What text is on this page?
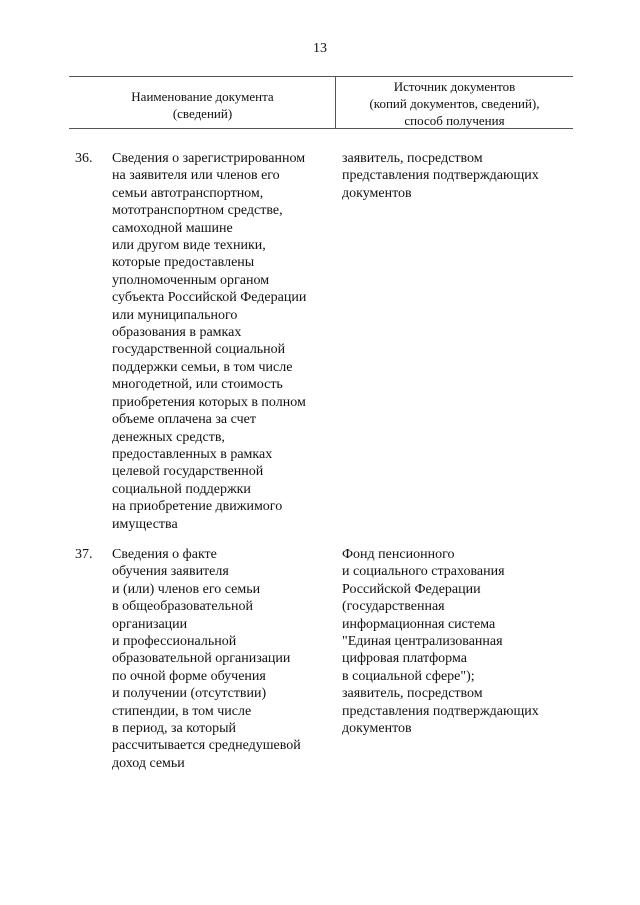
13
Наименование документа
(сведений)
Источник документов
(копий документов, сведений),
способ получения
36. Сведения о зарегистрированном
на заявителя или членов его
семьи автотранспортном,
мототранспортном средстве,
самоходной машине
или другом виде техники,
которые предоставлены
уполномоченным органом
субъекта Российской Федерации
или муниципального
образования в рамках
государственной социальной
поддержки семьи, в том числе
многодетной, или стоимость
приобретения которых в полном
объеме оплачена за счет
денежных средств,
предоставленных в рамках
целевой государственной
социальной поддержки
на приобретение движимого
имущества
заявитель, посредством
представления подтверждающих
документов
37. Сведения о факте
обучения заявителя
и (или) членов его семьи
в общеобразовательной
организации
и профессиональной
образовательной организации
по очной форме обучения
и получении (отсутствии)
стипендии, в том числе
в период, за который
рассчитывается среднедушевой
доход семьи
Фонд пенсионного
и социального страхования
Российской Федерации
(государственная
информационная система
"Единая централизованная
цифровая платформа
в социальной сфере");
заявитель, посредством
представления подтверждающих
документов
